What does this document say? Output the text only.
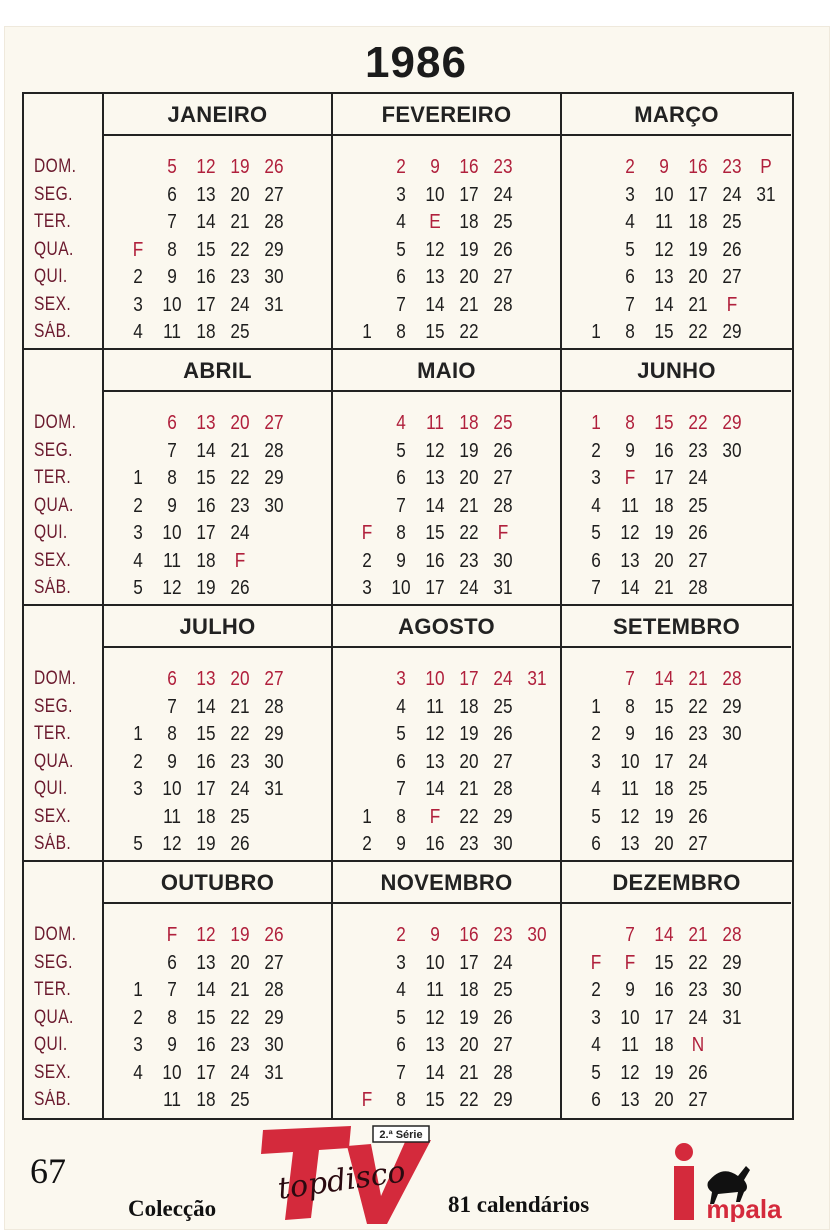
1986
DOM.
SEG.
TER.
QUA.
QUI.
SEX.
SÁB.
JANEIRO
F
2
3
4
5
6
7
8
9
10
11
12
13
14
15
16
17
18
19
20
21
22
23
24
25
26
27
28
29
30
31
FEVEREIRO
1
2
3
4
5
6
7
8
9
10
E
12
13
14
15
16
17
18
19
20
21
22
23
24
25
26
27
28
MARÇO
1
2
3
4
5
6
7
8
9
10
11
12
13
14
15
16
17
18
19
20
21
22
23
24
25
26
27
F
29
P
31
DOM.
SEG.
TER.
QUA.
QUI.
SEX.
SÁB.
ABRIL
1
2
3
4
5
6
7
8
9
10
11
12
13
14
15
16
17
18
19
20
21
22
23
24
F
26
27
28
29
30
MAIO
F
2
3
4
5
6
7
8
9
10
11
12
13
14
15
16
17
18
19
20
21
22
23
24
25
26
27
28
F
30
31
JUNHO
1
2
3
4
5
6
7
8
9
F
11
12
13
14
15
16
17
18
19
20
21
22
23
24
25
26
27
28
29
30
DOM.
SEG.
TER.
QUA.
QUI.
SEX.
SÁB.
JULHO
1
2
3
5
6
7
8
9
10
11
12
13
14
15
16
17
18
19
20
21
22
23
24
25
26
27
28
29
30
31
AGOSTO
1
2
3
4
5
6
7
8
9
10
11
12
13
14
F
16
17
18
19
20
21
22
23
24
25
26
27
28
29
30
31
SETEMBRO
1
2
3
4
5
6
7
8
9
10
11
12
13
14
15
16
17
18
19
20
21
22
23
24
25
26
27
28
29
30
DOM.
SEG.
TER.
QUA.
QUI.
SEX.
SÁB.
OUTUBRO
1
2
3
4
F
6
7
8
9
10
11
12
13
14
15
16
17
18
19
20
21
22
23
24
25
26
27
28
29
30
31
NOVEMBRO
F
2
3
4
5
6
7
8
9
10
11
12
13
14
15
16
17
18
19
20
21
22
23
24
25
26
27
28
29
30
DEZEMBRO
F
2
3
4
5
6
7
F
9
10
11
12
13
14
15
16
17
18
19
20
21
22
23
24
N
26
27
28
29
30
31
67
Colecção	81 calendários
2.ª Série
topdisco
mpala
